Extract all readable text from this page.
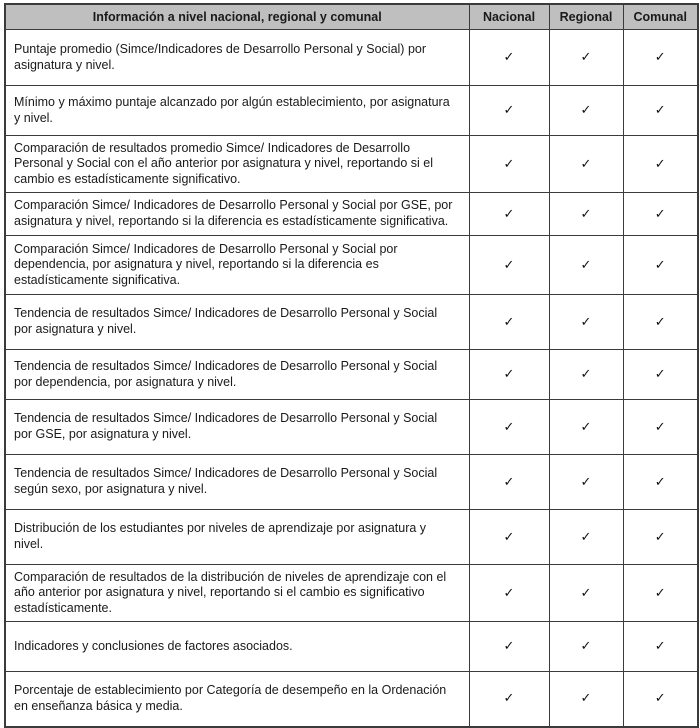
Información a nivel nacional, regional y comunal	Nacional	Regional	Comunal
Puntaje promedio (Simce/Indicadores de Desarrollo Personal y Social) por asignatura y nivel.	✓	✓	✓
Mínimo y máximo puntaje alcanzado por algún establecimiento, por asignatura y nivel.	✓	✓	✓
Comparación de resultados promedio Simce/ Indicadores de Desarrollo Personal y Social con el año anterior por asignatura y nivel, reportando si el cambio es estadísticamente significativo.	✓	✓	✓
Comparación Simce/ Indicadores de Desarrollo Personal y Social por GSE, por asignatura y nivel, reportando si la diferencia es estadísticamente significativa.	✓	✓	✓
Comparación Simce/ Indicadores de Desarrollo Personal y Social por dependencia, por asignatura y nivel, reportando si la diferencia es estadísticamente significativa.	✓	✓	✓
Tendencia de resultados Simce/ Indicadores de Desarrollo Personal y Social por asignatura y nivel.	✓	✓	✓
Tendencia de resultados Simce/ Indicadores de Desarrollo Personal y Social por dependencia, por asignatura y nivel.	✓	✓	✓
Tendencia de resultados Simce/ Indicadores de Desarrollo Personal y Social por GSE, por asignatura y nivel.	✓	✓	✓
Tendencia de resultados Simce/ Indicadores de Desarrollo Personal y Social según sexo, por asignatura y nivel.	✓	✓	✓
Distribución de los estudiantes por niveles de aprendizaje por asignatura y nivel.	✓	✓	✓
Comparación de resultados de la distribución de niveles de aprendizaje con el año anterior por asignatura y nivel, reportando si el cambio es significativo estadísticamente.	✓	✓	✓
Indicadores y conclusiones de factores asociados.	✓	✓	✓
Porcentaje de establecimiento por Categoría de desempeño en la Ordenación en enseñanza básica y media.	✓	✓	✓
